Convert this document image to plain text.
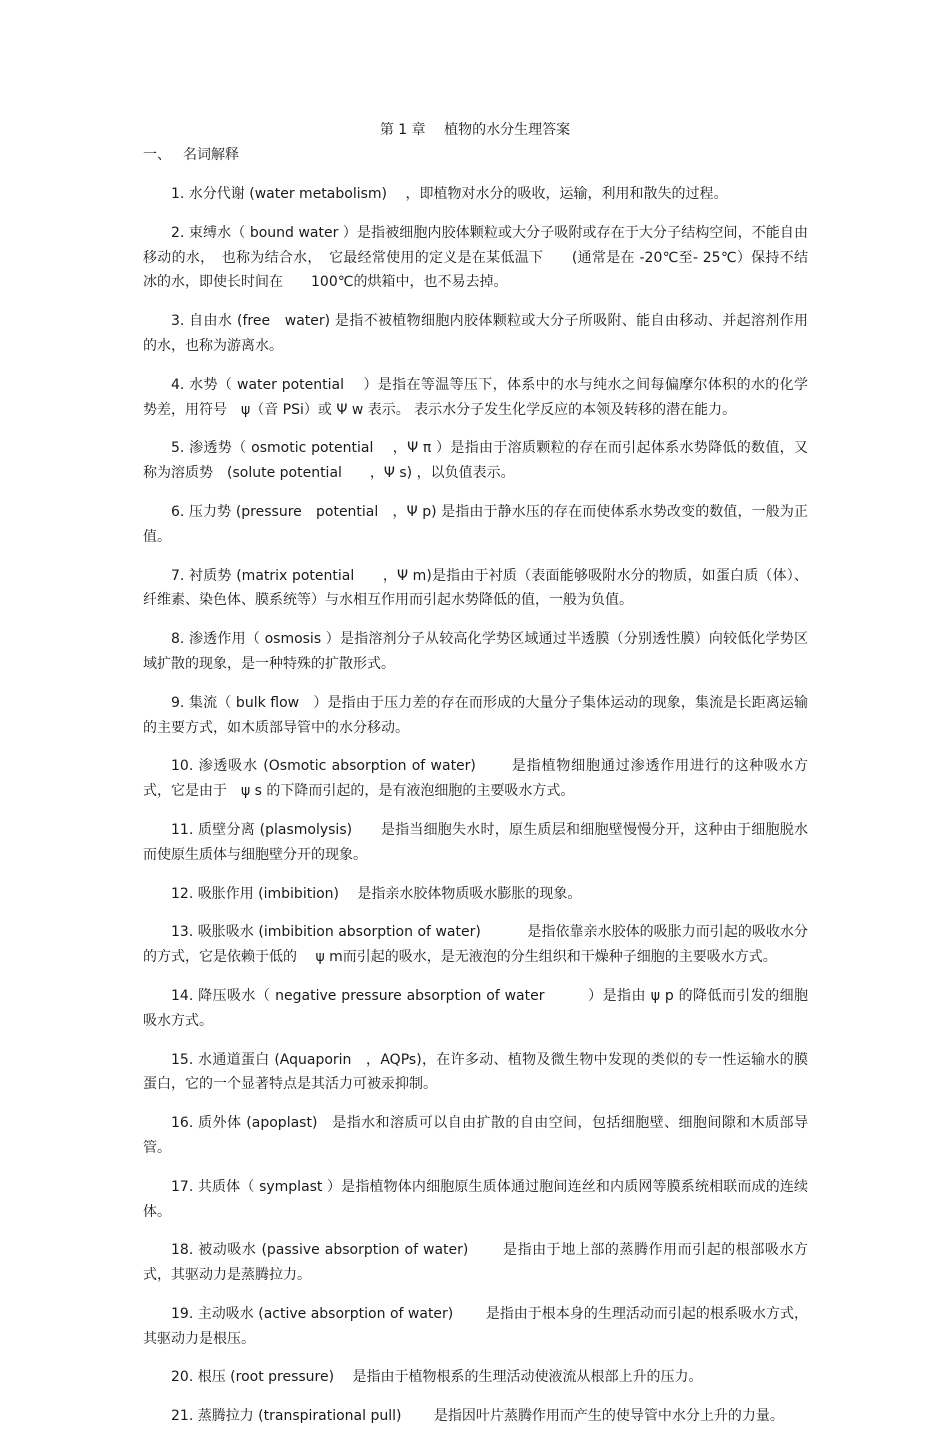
第 1 章　 植物的水分生理答案
一、 名词解释

1. 水分代谢 (water metabolism)　 ，即植物对水分的吸收，运输，利用和散失的过程。

2. 束缚水（ bound water ）是指被细胞内胶体颗粒或大分子吸附或存在于大分子结构空间，不能自由移动的水，　也称为结合水，　它最经常使用的定义是在某低温下　　(通常是在 -20℃至- 25℃）保持不结冰的水，即使长时间在　　100℃的烘箱中，也不易去掉。

3. 自由水 (free　water) 是指不被植物细胞内胶体颗粒或大分子所吸附、能自由移动、并起溶剂作用的水，也称为游离水。

4. 水势（ water potential　 ）是指在等温等压下，体系中的水与纯水之间每偏摩尔体积的水的化学势差，用符号　ψ（音 PSi）或 Ψ w 表示。 表示水分子发生化学反应的本领及转移的潜在能力。

5. 渗透势（ osmotic potential　 ，Ψ π ）是指由于溶质颗粒的存在而引起体系水势降低的数值，又称为溶质势　(solute potential　　，Ψ s) ，以负值表示。

6. 压力势 (pressure　potential　，Ψ p) 是指由于静水压的存在而使体系水势改变的数值，一般为正值。

7. 衬质势 (matrix potential　　，Ψ m)是指由于衬质（表面能够吸附水分的物质，如蛋白质（体）、纤维素、染色体、膜系统等）与水相互作用而引起水势降低的值，一般为负值。

8. 渗透作用（ osmosis ）是指溶剂分子从较高化学势区域通过半透膜（分别透性膜）向较低化学势区域扩散的现象，是一种特殊的扩散形式。

9. 集流（ bulk flow　）是指由于压力差的存在而形成的大量分子集体运动的现象，集流是长距离运输的主要方式，如木质部导管中的水分移动。

10. 渗透吸水 (Osmotic absorption of water)　　 是指植物细胞通过渗透作用进行的这种吸水方式，它是由于　ψ s 的下降而引起的，是有液泡细胞的主要吸水方式。

11. 质壁分离 (plasmolysis)　　是指当细胞失水时，原生质层和细胞壁慢慢分开，这种由于细胞脱水而使原生质体与细胞壁分开的现象。

12. 吸胀作用 (imbibition)　 是指亲水胶体物质吸水膨胀的现象。

13. 吸胀吸水 (imbibition absorption of water)　　　 是指依靠亲水胶体的吸胀力而引起的吸收水分的方式，它是依赖于低的　 ψ m而引起的吸水，是无液泡的分生组织和干燥种子细胞的主要吸水方式。

14. 降压吸水（ negative pressure absorption of water　　　）是指由 ψ p 的降低而引发的细胞吸水方式。

15. 水通道蛋白 (Aquaporin　，AQPs)，在许多动、植物及微生物中发现的类似的专一性运输水的膜蛋白，它的一个显著特点是其活力可被汞抑制。

16. 质外体 (apoplast)　是指水和溶质可以自由扩散的自由空间，包括细胞壁、细胞间隙和木质部导管。

17. 共质体（ symplast ）是指植物体内细胞原生质体通过胞间连丝和内质网等膜系统相联而成的连续体。

18. 被动吸水 (passive absorption of water)　　 是指由于地上部的蒸腾作用而引起的根部吸水方式，其驱动力是蒸腾拉力。

19. 主动吸水 (active absorption of water)　　 是指由于根本身的生理活动而引起的根系吸水方式，其驱动力是根压。

20. 根压 (root pressure)　 是指由于植物根系的生理活动使液流从根部上升的压力。

21. 蒸腾拉力 (transpirational pull)　　 是指因叶片蒸腾作用而产生的使导管中水分上升的力量。
